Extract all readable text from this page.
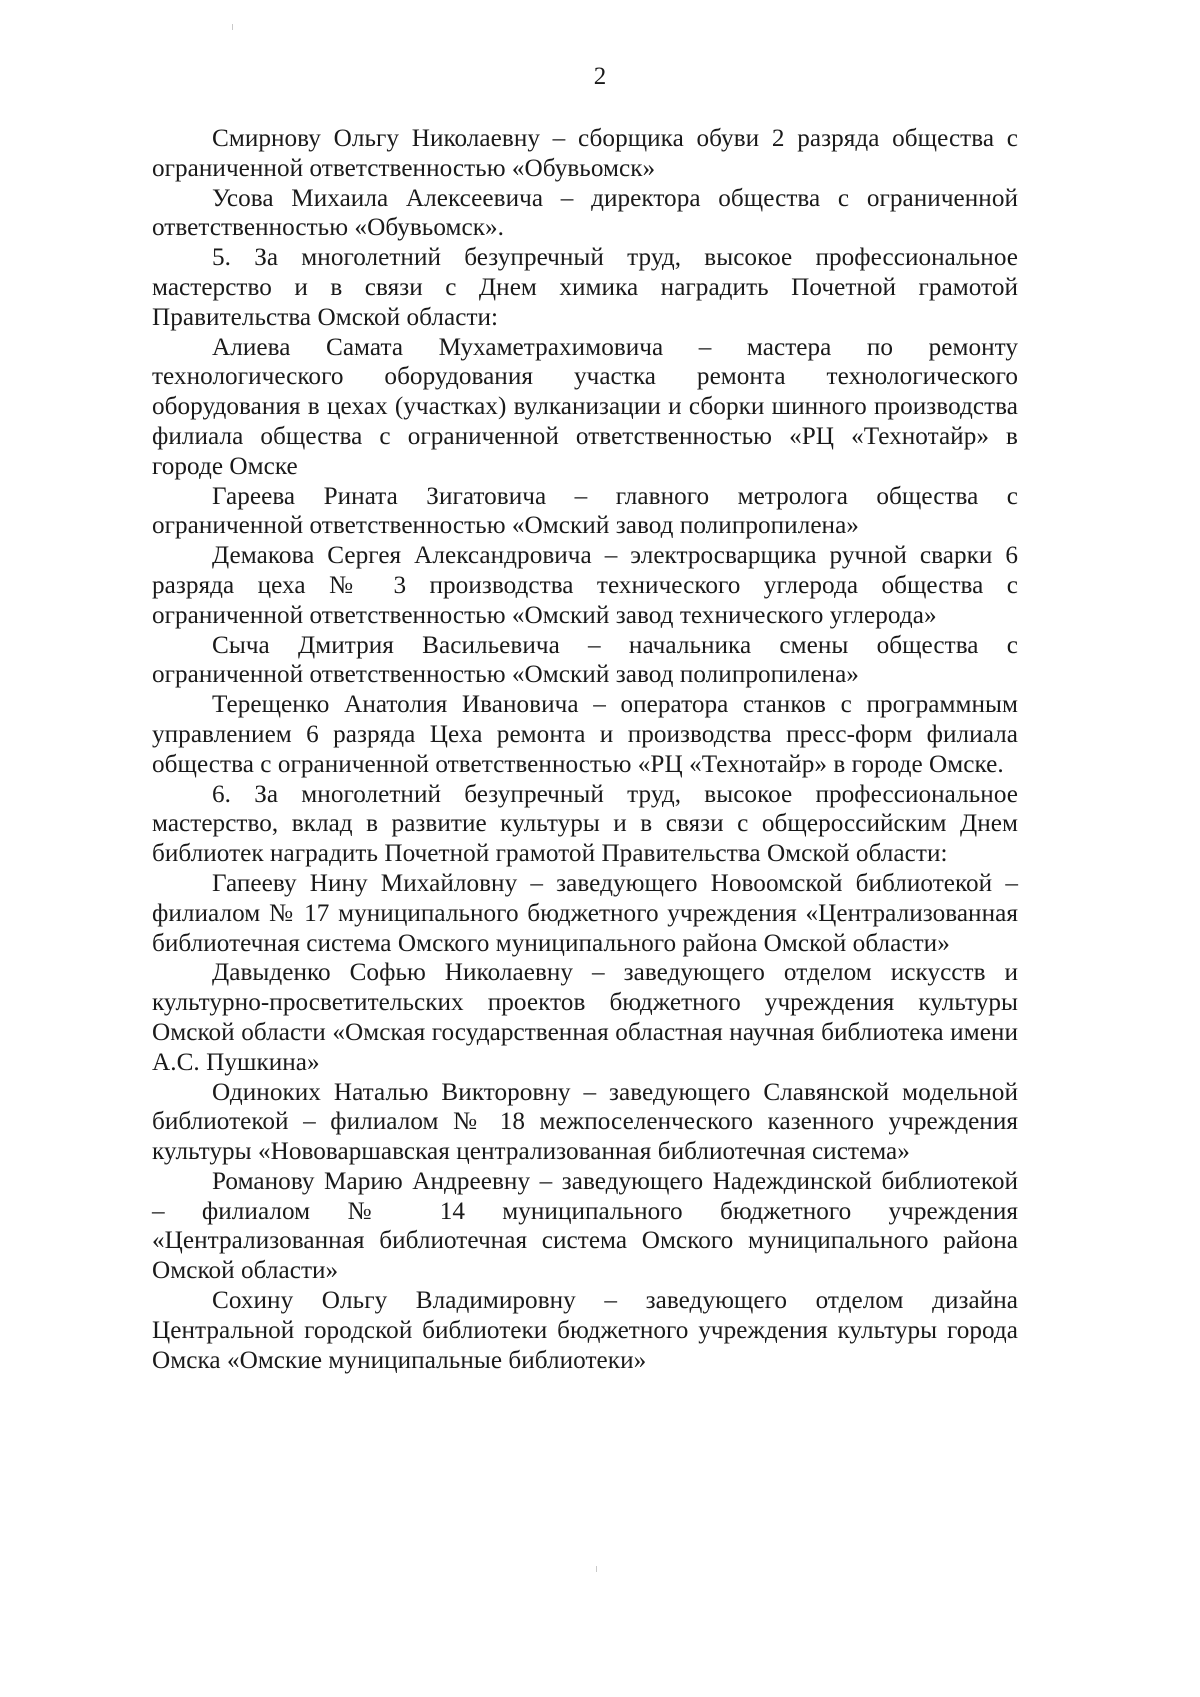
2

Смирнову Ольгу Николаевну – сборщика обуви 2 разряда общества с ограниченной ответственностью «Обувьомск»

Усова Михаила Алексеевича – директора общества с ограниченной ответственностью «Обувьомск».

5. За многолетний безупречный труд, высокое профессиональное мастерство и в связи с Днем химика наградить Почетной грамотой Правительства Омской области:

Алиева Самата Мухаметрахимовича – мастера по ремонту технологического оборудования участка ремонта технологического оборудования в цехах (участках) вулканизации и сборки шинного производства филиала общества с ограниченной ответственностью «РЦ «Технотайр» в городе Омске

Гареева Рината Зигатовича – главного метролога общества с ограниченной ответственностью «Омский завод полипропилена»

Демакова Сергея Александровича – электросварщика ручной сварки 6 разряда цеха № 3 производства технического углерода общества с ограниченной ответственностью «Омский завод технического углерода»

Сыча Дмитрия Васильевича – начальника смены общества с ограниченной ответственностью «Омский завод полипропилена»

Терещенко Анатолия Ивановича – оператора станков с программным управлением 6 разряда Цеха ремонта и производства пресс-форм филиала общества с ограниченной ответственностью «РЦ «Технотайр» в городе Омске.

6. За многолетний безупречный труд, высокое профессиональное мастерство, вклад в развитие культуры и в связи с общероссийским Днем библиотек наградить Почетной грамотой Правительства Омской области:

Гапееву Нину Михайловну – заведующего Новоомской библиотекой – филиалом № 17 муниципального бюджетного учреждения «Централизованная библиотечная система Омского муниципального района Омской области»

Давыденко Софью Николаевну – заведующего отделом искусств и культурно-просветительских проектов бюджетного учреждения культуры Омской области «Омская государственная областная научная библиотека имени А.С. Пушкина»

Одиноких Наталью Викторовну – заведующего Славянской модельной библиотекой – филиалом № 18 межпоселенческого казенного учреждения культуры «Нововаршавская централизованная библиотечная система»

Романову Марию Андреевну – заведующего Надеждинской библиотекой – филиалом № 14 муниципального бюджетного учреждения «Централизованная библиотечная система Омского муниципального района Омской области»

Сохину Ольгу Владимировну – заведующего отделом дизайна Центральной городской библиотеки бюджетного учреждения культуры города Омска «Омские муниципальные библиотеки»
